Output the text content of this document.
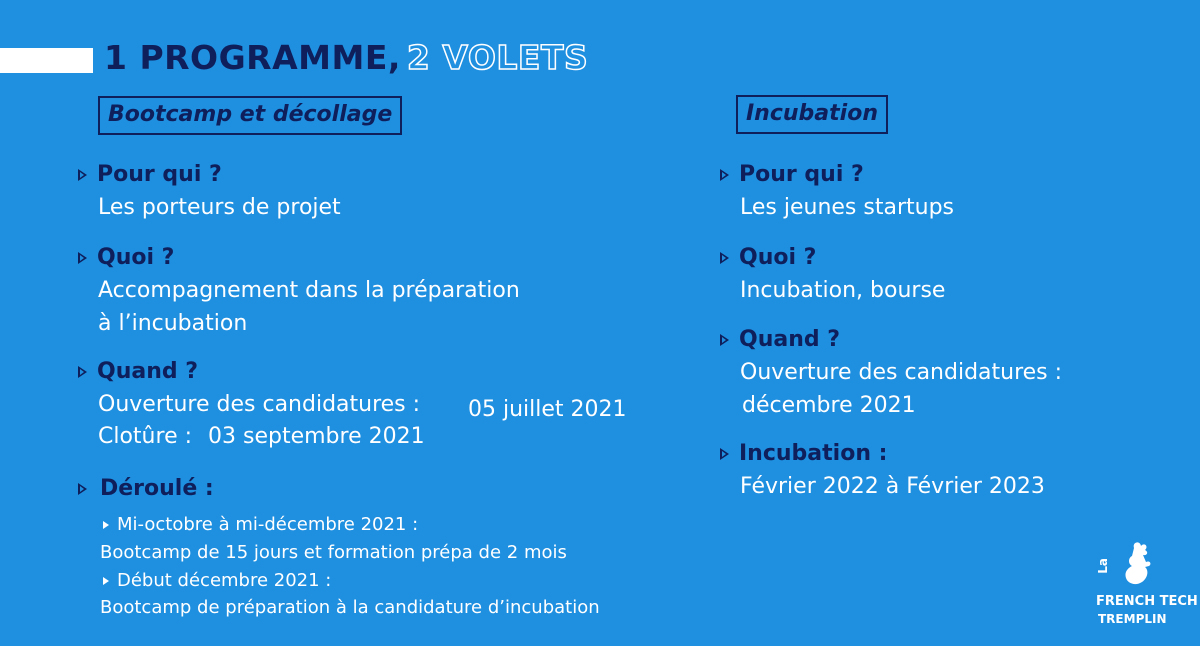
1 PROGRAMME, 2 VOLETS
Bootcamp et décollage
Pour qui ?
Les porteurs de projet
Quoi ?
Accompagnement dans la préparation
à l’incubation
Quand ?
Ouverture des candidatures : 05 juillet 2021
Clotûre : 03 septembre 2021
Déroulé :
Mi-octobre à mi-décembre 2021 :
Bootcamp de 15 jours et formation prépa de 2 mois
Début décembre 2021 :
Bootcamp de préparation à la candidature d’incubation
Incubation
Pour qui ?
Les jeunes startups
Quoi ?
Incubation, bourse
Quand ?
Ouverture des candidatures :
décembre 2021
Incubation :
Février 2022 à Février 2023
La
FRENCH TECH
TREMPLIN
